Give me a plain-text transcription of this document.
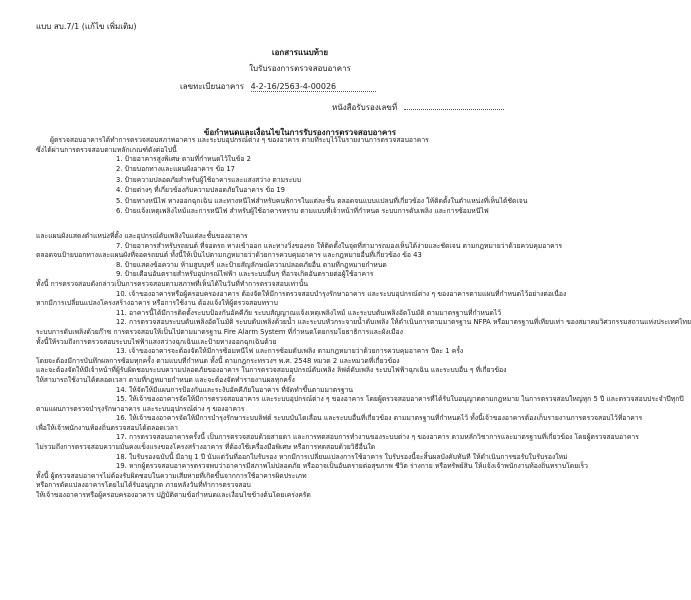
แบบ สบ.7/1 (แก้ไข เพิ่มเติม)
เอกสารแนบท้าย
ใบรับรองการตรวจสอบอาคาร
เลขทะเบียนอาคาร 4-2-16/2563-4-00026
หนังสือรับรองเลขที่
ข้อกำหนดและเงื่อนไขในการรับรองการตรวจสอบอาคาร
ผู้ตรวจสอบอาคารได้ทำการตรวจสอบสภาพอาคาร และระบบอุปกรณ์ต่าง ๆ ของอาคาร ตามที่ระบุไว้ในรายงานการตรวจสอบอาคาร
ซึ่งได้ผ่านการตรวจสอบตามหลักเกณฑ์ดังต่อไปนี้
1. ป้ายอาคารสูงพิเศษ ตามที่กำหนดไว้ในข้อ 2
2. ป้ายบอกทางและแผนผังอาคาร ข้อ 17
3. ป้ายความปลอดภัยสำหรับผู้ใช้อาคารและแสงสว่าง ตามระบบ
4. ป้ายต่างๆ ที่เกี่ยวข้องกับความปลอดภัยในอาคาร ข้อ 19
5. ป้ายทางหนีไฟ ทางออกฉุกเฉิน และทางหนีไฟสำหรับคนพิการในแต่ละชั้น ตลอดจนแบบแปลนที่เกี่ยวข้อง ให้ติดตั้งในตำแหน่งที่เห็นได้ชัดเจน
6. ป้ายแจ้งเหตุเพลิงไหม้และการหนีไฟ สำหรับผู้ใช้อาคารทราบ ตามแบบที่เจ้าหน้าที่กำหนด ระบบการดับเพลิง และการซ้อมหนีไฟ
และแผนผังแสดงตำแหน่งที่ตั้ง และอุปกรณ์ดับเพลิงในแต่ละชั้นของอาคาร
7. ป้ายอาคารสำหรับรถยนต์ ที่จอดรถ ทางเข้าออก และทางวิ่งของรถ ให้ติดตั้งในจุดที่สามารถมองเห็นได้ง่ายและชัดเจน ตามกฎหมายว่าด้วยควบคุมอาคาร
ตลอดจนป้ายบอกทางและแผนผังที่จอดรถยนต์ ทั้งนี้ให้เป็นไปตามกฎหมายว่าด้วยการควบคุมอาคาร และกฎหมายอื่นที่เกี่ยวข้อง ข้อ 43
8. ป้ายแสดงข้อความ ห้ามสูบบุหรี่ และป้ายสัญลักษณ์ความปลอดภัยอื่น ตามที่กฎหมายกำหนด
9. ป้ายเตือนอันตรายสำหรับอุปกรณ์ไฟฟ้า และระบบอื่นๆ ที่อาจเกิดอันตรายต่อผู้ใช้อาคาร
ทั้งนี้ การตรวจสอบดังกล่าวเป็นการตรวจสอบตามสภาพที่เห็นได้ในวันที่ทำการตรวจสอบเท่านั้น
10. เจ้าของอาคารหรือผู้ครอบครองอาคาร ต้องจัดให้มีการตรวจสอบบำรุงรักษาอาคาร และระบบอุปกรณ์ต่าง ๆ ของอาคารตามแผนที่กำหนดไว้อย่างต่อเนื่อง
หากมีการเปลี่ยนแปลงโครงสร้างอาคาร หรือการใช้งาน ต้องแจ้งให้ผู้ตรวจสอบทราบ
11. อาคารนี้ได้มีการติดตั้งระบบป้องกันอัคคีภัย ระบบสัญญาณแจ้งเหตุเพลิงไหม้ และระบบดับเพลิงอัตโนมัติ ตามมาตรฐานที่กำหนดไว้
12. การตรวจสอบระบบดับเพลิงอัตโนมัติ ระบบดับเพลิงด้วยน้ำ และระบบหัวกระจายน้ำดับเพลิง ให้ดำเนินการตามมาตรฐาน NFPA หรือมาตรฐานที่เทียบเท่า ของสมาคมวิศวกรรมสถานแห่งประเทศไทย
ระบบการดับเพลิงด้วยก๊าซ การตรวจสอบให้เป็นไปตามมาตรฐาน Fire Alarm System ที่กำหนดโดยกรมโยธาธิการและผังเมือง
ทั้งนี้ให้รวมถึงการตรวจสอบระบบไฟฟ้าแสงสว่างฉุกเฉินและป้ายทางออกฉุกเฉินด้วย
13. เจ้าของอาคารจะต้องจัดให้มีการซ้อมหนีไฟ และการซ้อมดับเพลิง ตามกฎหมายว่าด้วยการควบคุมอาคาร ปีละ 1 ครั้ง
โดยจะต้องมีการบันทึกผลการซ้อมทุกครั้ง ตามแบบที่กำหนด ทั้งนี้ ตามกฎกระทรวงฯ พ.ศ. 2548 หมวด 2 และหมวดที่เกี่ยวข้อง
และจะต้องจัดให้มีเจ้าหน้าที่ผู้รับผิดชอบระบบความปลอดภัยของอาคาร ในการตรวจสอบอุปกรณ์ดับเพลิง ลิฟต์ดับเพลิง ระบบไฟฟ้าฉุกเฉิน และระบบอื่น ๆ ที่เกี่ยวข้อง
ให้สามารถใช้งานได้ตลอดเวลา ตามที่กฎหมายกำหนด และจะต้องจัดทำรายงานผลทุกครั้ง
14. ให้จัดให้มีแผนการป้องกันและระงับอัคคีภัยในอาคาร ที่จัดทำขึ้นตามมาตรฐาน
15. ให้เจ้าของอาคารจัดให้มีการตรวจสอบอาคาร และระบบอุปกรณ์ต่าง ๆ ของอาคาร โดยผู้ตรวจสอบอาคารที่ได้รับใบอนุญาตตามกฎหมาย ในการตรวจสอบใหญ่ทุก 5 ปี และตรวจสอบประจำปีทุกปี
ตามแผนการตรวจบำรุงรักษาอาคาร และระบบอุปกรณ์ต่าง ๆ ของอาคาร
16. ให้เจ้าของอาคารจัดให้มีการบำรุงรักษาระบบลิฟต์ ระบบบันไดเลื่อน และระบบอื่นที่เกี่ยวข้อง ตามมาตรฐานที่กำหนดไว้ ทั้งนี้เจ้าของอาคารต้องเก็บรายงานการตรวจสอบไว้ที่อาคาร
เพื่อให้เจ้าพนักงานท้องถิ่นตรวจสอบได้ตลอดเวลา
17. การตรวจสอบอาคารครั้งนี้ เป็นการตรวจสอบด้วยสายตา และการทดสอบการทำงานของระบบต่าง ๆ ของอาคาร ตามหลักวิชาการและมาตรฐานที่เกี่ยวข้อง โดยผู้ตรวจสอบอาคาร
ไม่รวมถึงการตรวจสอบความมั่นคงแข็งแรงของโครงสร้างอาคาร ที่ต้องใช้เครื่องมือพิเศษ หรือการทดสอบด้วยวิธีอื่นใด
18. ใบรับรองฉบับนี้ มีอายุ 1 ปี นับแต่วันที่ออกใบรับรอง หากมีการเปลี่ยนแปลงการใช้อาคาร ใบรับรองนี้จะสิ้นผลบังคับทันที ให้ดำเนินการขอรับใบรับรองใหม่
19. หากผู้ตรวจสอบอาคารตรวจพบว่าอาคารมีสภาพไม่ปลอดภัย หรืออาจเป็นอันตรายต่อสุขภาพ ชีวิต ร่างกาย หรือทรัพย์สิน ให้แจ้งเจ้าพนักงานท้องถิ่นทราบโดยเร็ว
ทั้งนี้ ผู้ตรวจสอบอาคารไม่ต้องรับผิดชอบในความเสียหายที่เกิดขึ้นจากการใช้อาคารผิดประเภท
หรือการดัดแปลงอาคารโดยไม่ได้รับอนุญาต ภายหลังวันที่ทำการตรวจสอบ
ให้เจ้าของอาคารหรือผู้ครอบครองอาคาร ปฏิบัติตามข้อกำหนดและเงื่อนไขข้างต้นโดยเคร่งครัด
